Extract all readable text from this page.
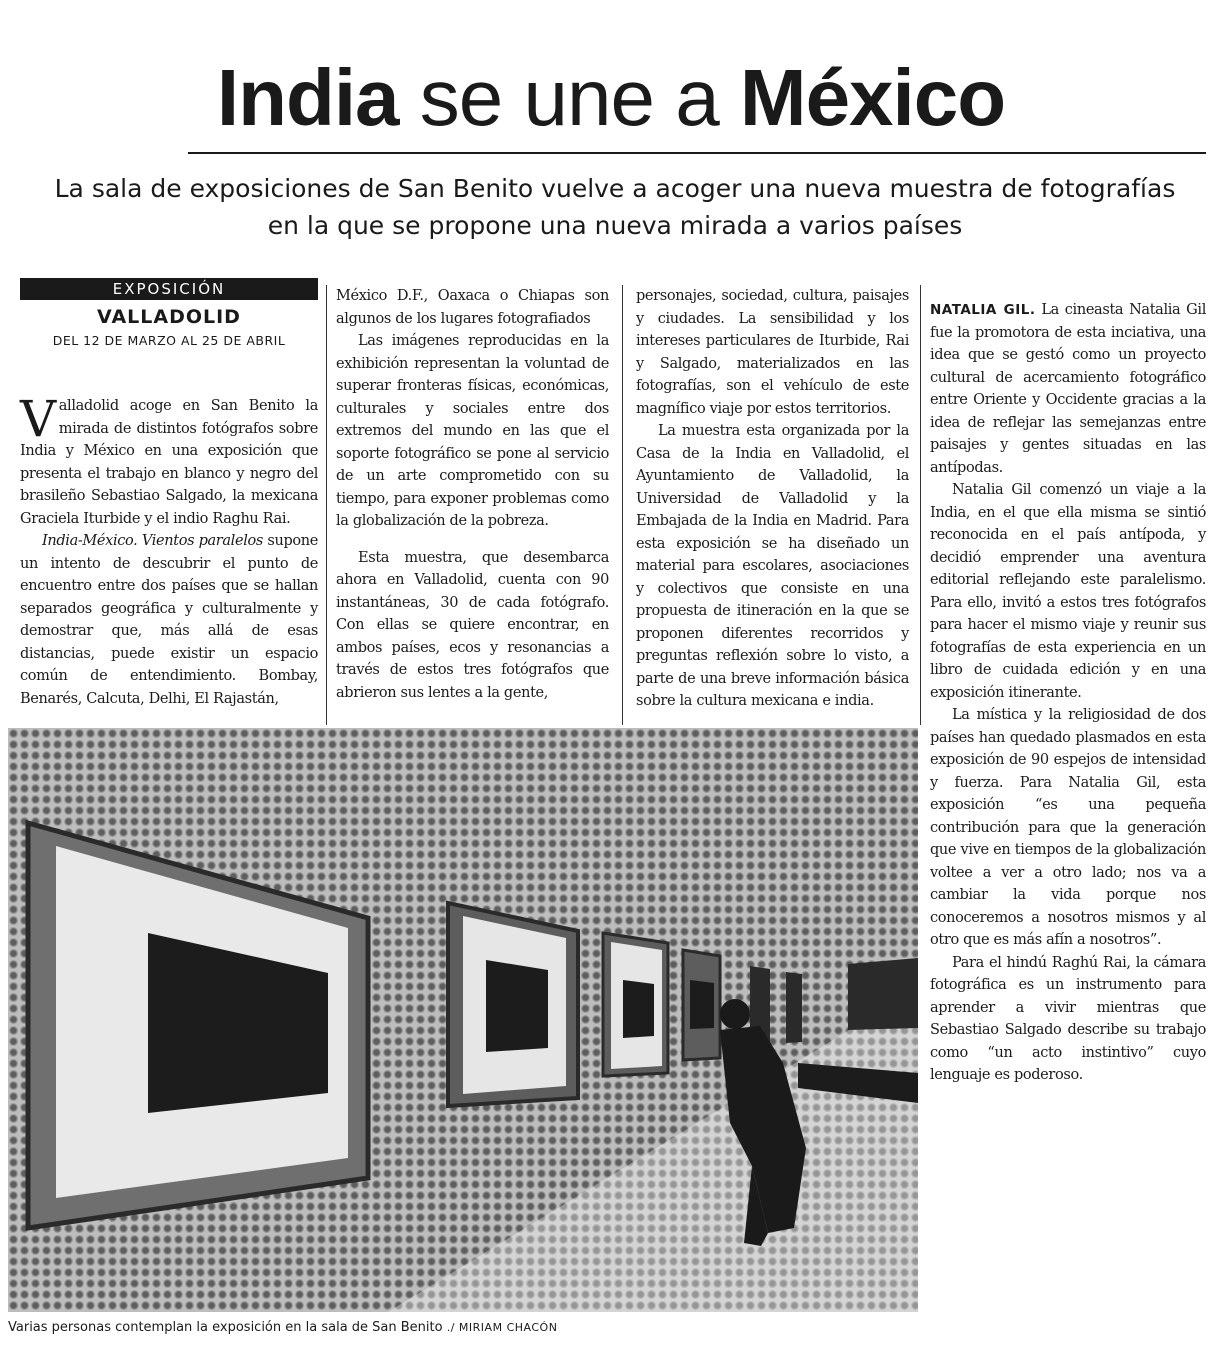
India se une a México
La sala de exposiciones de San Benito vuelve a acoger una nueva muestra de fotografías
en la que se propone una nueva mirada a varios países
EXPOSICIÓN
VALLADOLID
DEL 12 DE MARZO AL 25 DE ABRIL

Valladolid acoge en San Benito la mirada de distintos fotógrafos sobre India y México en una exposición que presenta el trabajo en blanco y negro del brasileño Sebastiao Salgado, la mexicana Graciela Iturbide y el indio Raghu Rai.

India-México. Vientos paralelos supone un intento de descubrir el punto de encuentro entre dos países que se hallan separados geográfica y culturalmente y demostrar que, más allá de esas distancias, puede existir un espacio común de entendimiento. Bombay, Benarés, Calcuta, Delhi, El Rajastán,

México D.F., Oaxaca o Chiapas son algunos de los lugares fotografiados

Las imágenes reproducidas en la exhibición representan la voluntad de superar fronteras físicas, económicas, culturales y sociales entre dos extremos del mundo en las que el soporte fotográfico se pone al servicio de un arte comprometido con su tiempo, para exponer problemas como la globalización de la pobreza.

Esta muestra, que desembarca ahora en Valladolid, cuenta con 90 instantáneas, 30 de cada fotógrafo. Con ellas se quiere encontrar, en ambos países, ecos y resonancias a través de estos tres fotógrafos que abrieron sus lentes a la gente,

personajes, sociedad, cultura, paisajes y ciudades. La sensibilidad y los intereses particulares de Iturbide, Rai y Salgado, materializados en las fotografías, son el vehículo de este magnífico viaje por estos territorios.

La muestra esta organizada por la Casa de la India en Valladolid, el Ayuntamiento de Valladolid, la Universidad de Valladolid y la Embajada de la India en Madrid. Para esta exposición se ha diseñado un material para escolares, asociaciones y colectivos que consiste en una propuesta de itineración en la que se proponen diferentes recorridos y preguntas reflexión sobre lo visto, a parte de una breve información básica sobre la cultura mexicana e india.

NATALIA GIL. La cineasta Natalia Gil fue la promotora de esta inciativa, una idea que se gestó como un proyecto cultural de acercamiento fotográfico entre Oriente y Occidente gracias a la idea de reflejar las semejanzas entre paisajes y gentes situadas en las antípodas.

Natalia Gil comenzó un viaje a la India, en el que ella misma se sintió reconocida en el país antípoda, y decidió emprender una aventura editorial reflejando este paralelismo. Para ello, invitó a estos tres fotógrafos para hacer el mismo viaje y reunir sus fotografías de esta experiencia en un libro de cuidada edición y en una exposición itinerante.

La mística y la religiosidad de dos países han quedado plasmados en esta exposición de 90 espejos de intensidad y fuerza. Para Natalia Gil, esta exposición “es una pequeña contribución para que la generación que vive en tiempos de la globalización voltee a ver a otro lado; nos va a cambiar la vida porque nos conoceremos a nosotros mismos y al otro que es más afín a nosotros”.

Para el hindú Raghú Rai, la cámara fotográfica es un instrumento para aprender a vivir mientras que Sebastiao Salgado describe su trabajo como “un acto instintivo” cuyo lenguaje es poderoso.

Varias personas contemplan la exposición en la sala de San Benito ./ MIRIAM CHACÓN
